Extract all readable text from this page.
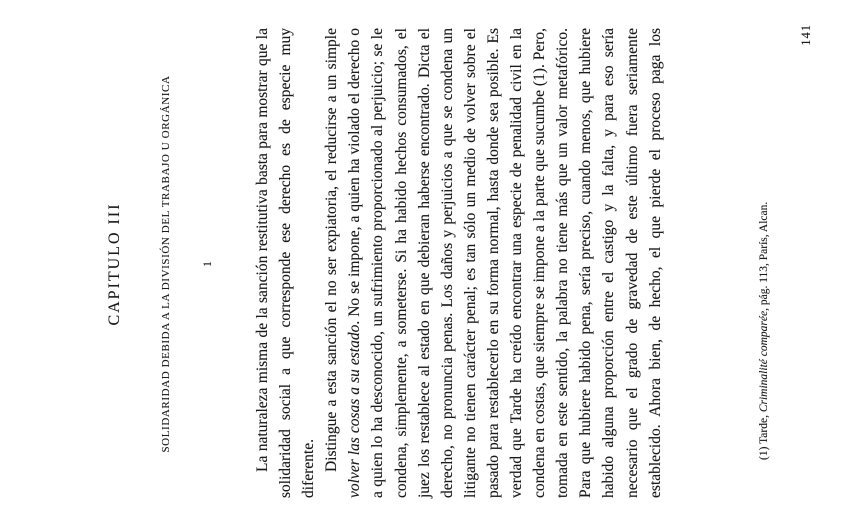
CAPITULO III	SOLIDARIDAD DEBIDA A LA DIVISIÓN DEL TRABAJO U ORGÁNICA 1	La naturaleza misma de la sanción restitutiva basta para mostrar que la solidaridad social a que corresponde ese derecho es de especie muy diferente. Distingue a esta sanción el no ser expiatoria, el reducirse a un simple volver las cosas a su estado. No se impone, a quien ha violado el derecho o a quien lo ha desconocido, un sufrimiento proporcionado al perjuicio; se le condena, simplemente, a someterse. Si ha habido hechos consumados, el juez los restablece al estado en que debieran haberse encontrado. Dicta el derecho, no pronuncia penas. Los daños y perjuicios a que se condena un litigante no tienen carácter penal; es tan sólo un medio de volver sobre el pasado para restablecerlo en su forma normal, hasta donde sea posible. Es verdad que Tarde ha creído encontrar una especie de penalidad civil en la condena en costas, que siempre se impone a la parte que sucumbe (1). Pero, tomada en este sentido, la palabra no tiene más que un valor metafórico. Para que hubiere habido pena, sería preciso, cuando menos, que hubiere habido alguna proporción entre el castigo y la falta, y para eso sería necesario que el grado de gravedad de este último fuera seriamente establecido. Ahora bien, de hecho, el que pierde el proceso paga los	(1) Tarde, Criminalité comparée, pág. 113, París, Alcan.
141
